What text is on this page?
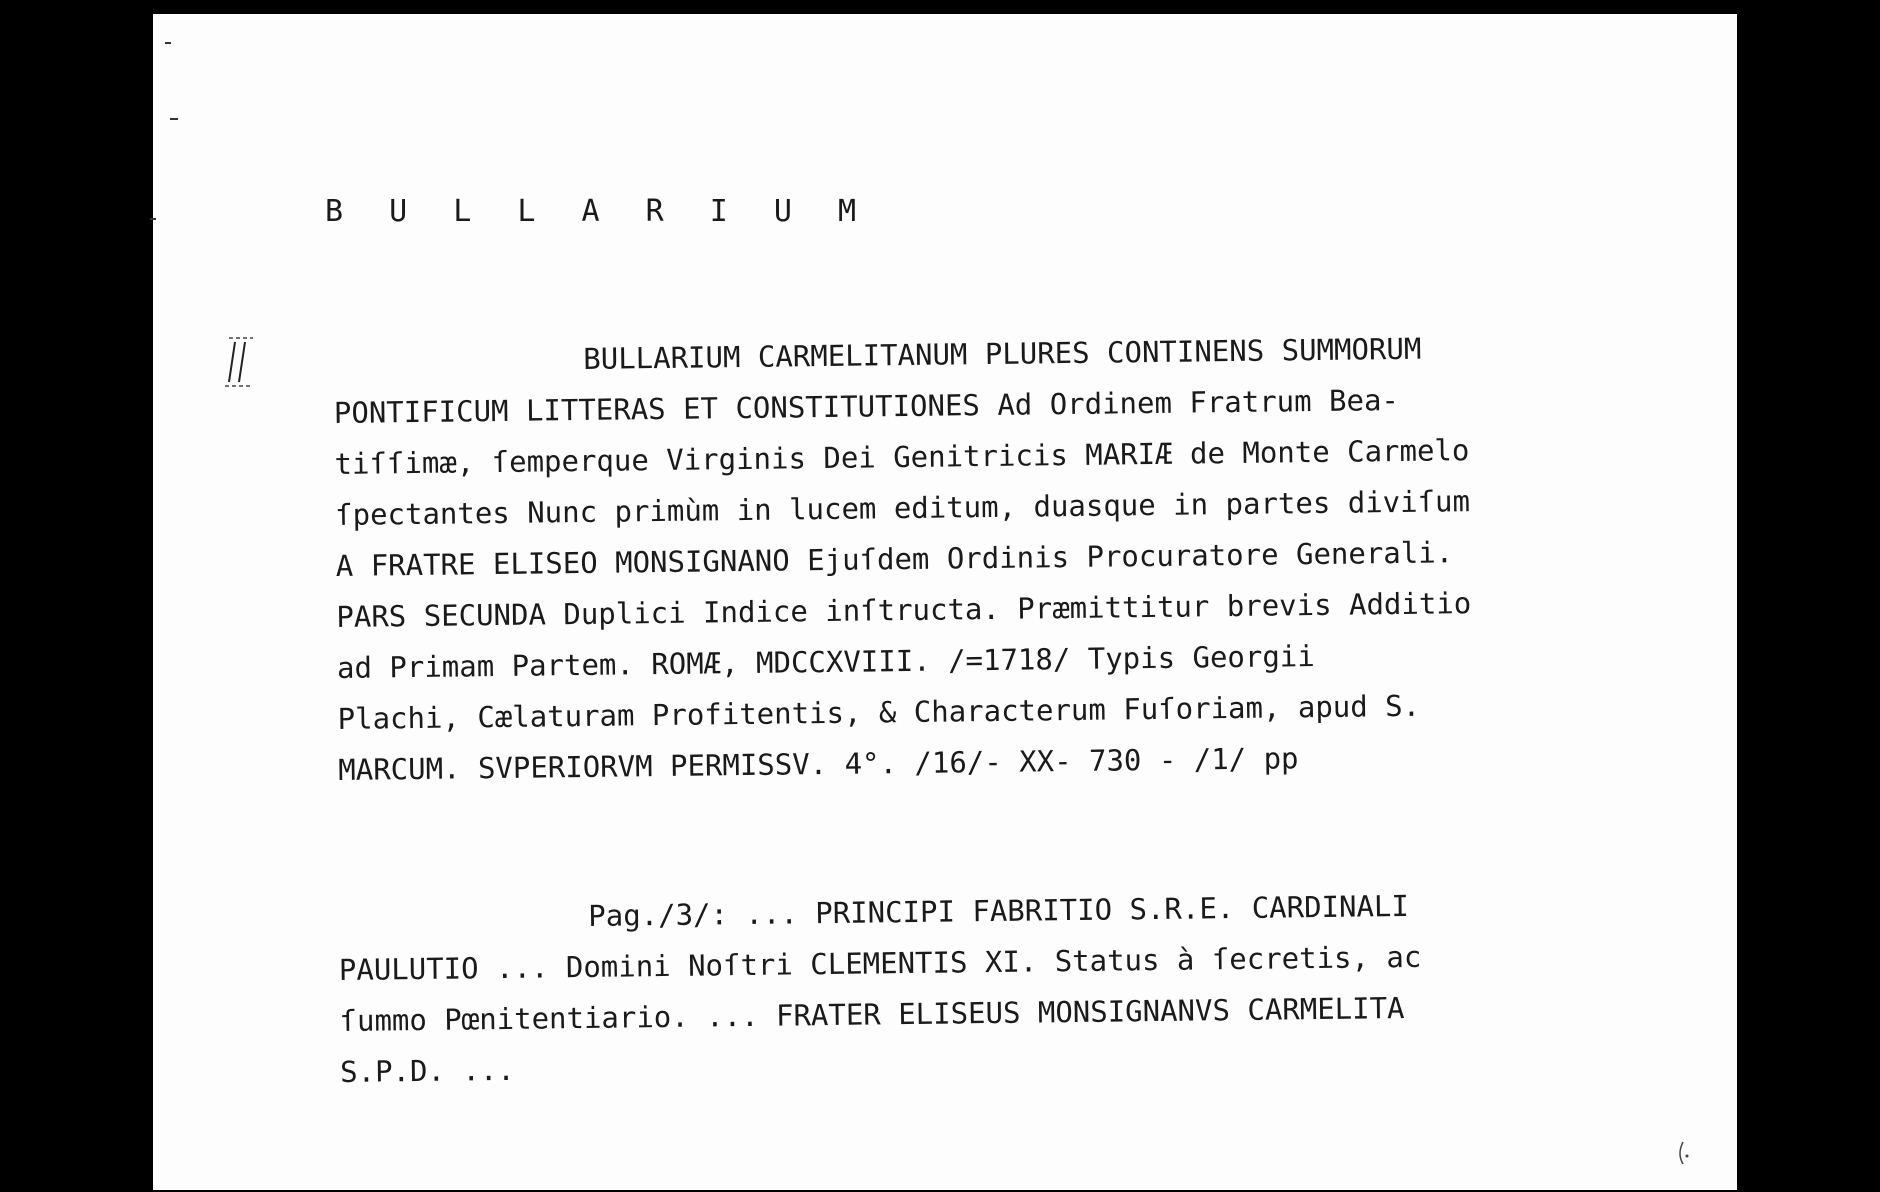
B U L L A R I U M
BULLARIUM CARMELITANUM PLURES CONTINENS SUMMORUM
PONTIFICUM LITTERAS ET CONSTITUTIONES Ad Ordinem Fratrum Bea-
tiſſimæ, ſemperque Virginis Dei Genitricis MARIÆ de Monte Carmelo
ſpectantes Nunc primùm in lucem editum, duasque in partes diviſum
A FRATRE ELISEO MONSIGNANO Ejuſdem Ordinis Procuratore Generali.
PARS SECUNDA Duplici Indice inſtructa. Præmittitur brevis Additio
ad Primam Partem. ROMÆ, MDCCXVIII. /=1718/ Typis Georgii
Plachi, Cælaturam Profitentis, & Characterum Fuſoriam, apud S.
MARCUM. SVPERIORVM PERMISSV. 4°. /16/- XX- 730 - /1/ pp
Pag./3/: ... PRINCIPI FABRITIO S.R.E. CARDINALI
PAULUTIO ... Domini Noſtri CLEMENTIS XI. Status à ſecretis, ac
ſummo Pœnitentiario. ... FRATER ELISEUS MONSIGNANVS CARMELITA
S.P.D. ...
